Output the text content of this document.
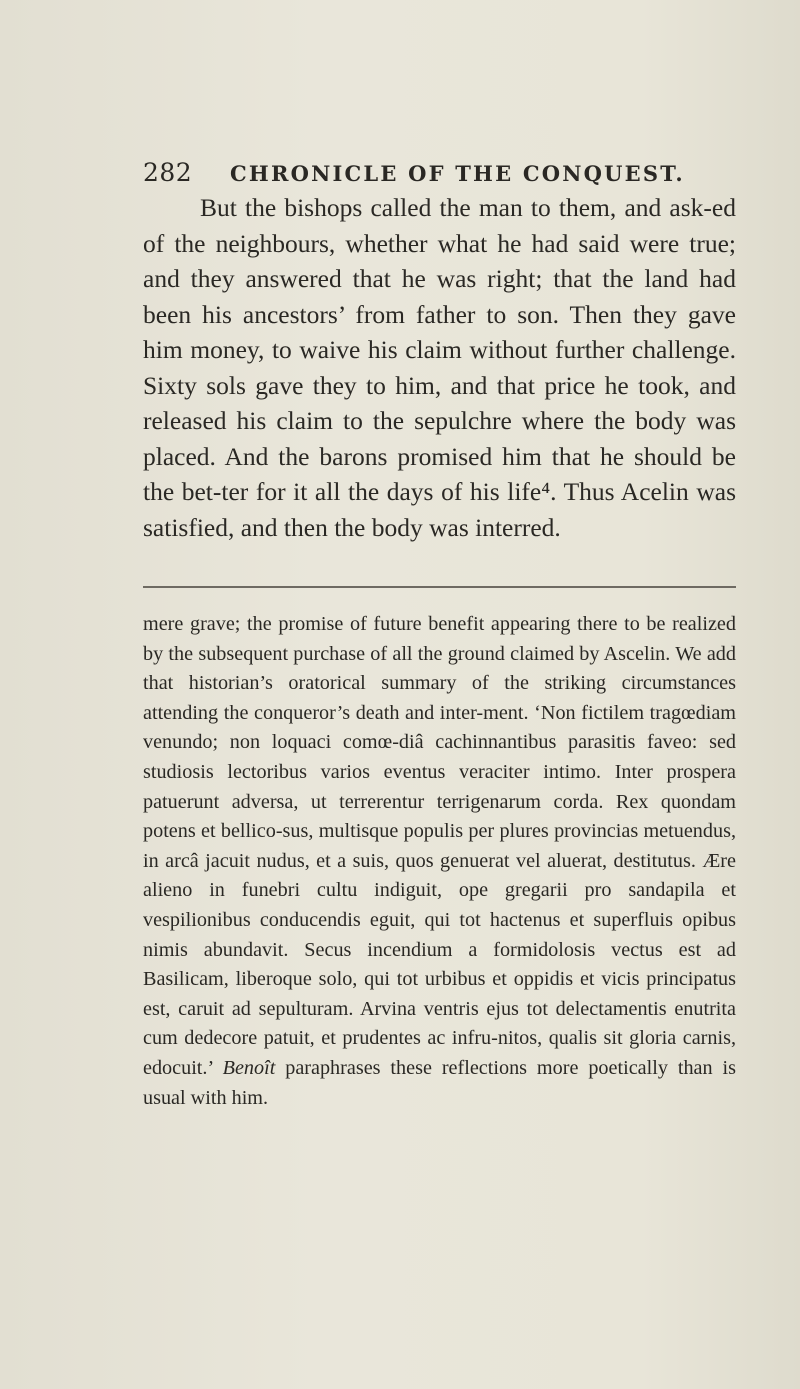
282 CHRONICLE OF THE CONQUEST.

But the bishops called the man to them, and ask-ed of the neighbours, whether what he had said were true; and they answered that he was right; that the land had been his ancestors’ from father to son. Then they gave him money, to waive his claim without further challenge. Sixty sols gave they to him, and that price he took, and released his claim to the sepulchre where the body was placed. And the barons promised him that he should be the bet-ter for it all the days of his life⁴. Thus Acelin was satisfied, and then the body was interred.

mere grave; the promise of future benefit appearing there to be realized by the subsequent purchase of all the ground claimed by Ascelin. We add that historian’s oratorical summary of the striking circumstances attending the conqueror’s death and inter-ment. ‘Non fictilem tragœdiam venundo; non loquaci comœ-diâ cachinnantibus parasitis faveo: sed studiosis lectoribus varios eventus veraciter intimo. Inter prospera patuerunt adversa, ut terrerentur terrigenarum corda. Rex quondam potens et bellico-sus, multisque populis per plures provincias metuendus, in arcâ jacuit nudus, et a suis, quos genuerat vel aluerat, destitutus. Ære alieno in funebri cultu indiguit, ope gregarii pro sandapila et vespilionibus conducendis eguit, qui tot hactenus et superfluis opibus nimis abundavit. Secus incendium a formidolosis vectus est ad Basilicam, liberoque solo, qui tot urbibus et oppidis et vicis principatus est, caruit ad sepulturam. Arvina ventris ejus tot delectamentis enutrita cum dedecore patuit, et prudentes ac infru-nitos, qualis sit gloria carnis, edocuit.’ Benoît paraphrases these reflections more poetically than is usual with him.
